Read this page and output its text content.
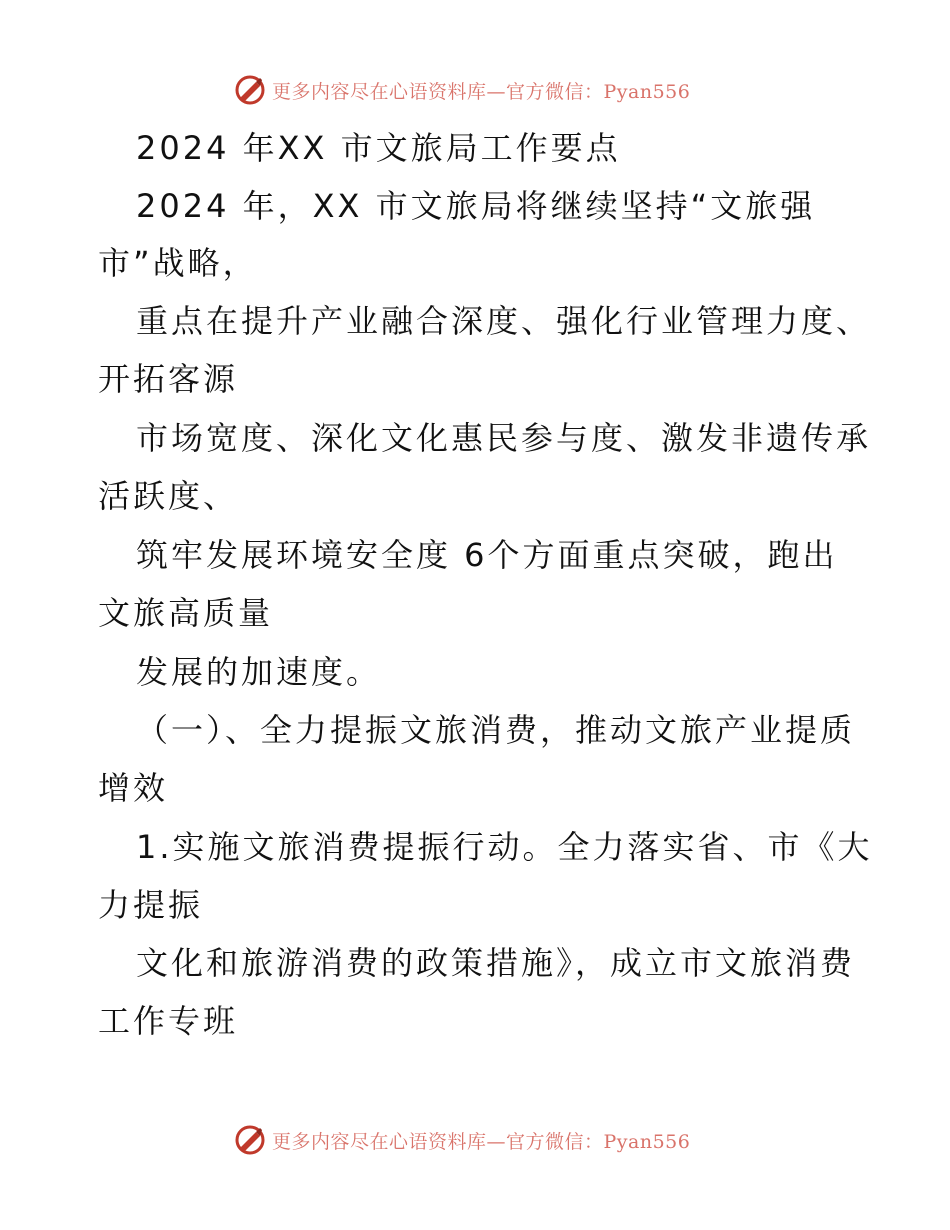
更多内容尽在心语资料库—官方微信：Pyan556
2024 年XX 市文旅局工作要点
2024 年，XX 市文旅局将继续坚持“文旅强
市”战略，
重点在提升产业融合深度、强化行业管理力度、
开拓客源
市场宽度、深化文化惠民参与度、激发非遗传承
活跃度、
筑牢发展环境安全度 6个方面重点突破，跑出
文旅高质量
发展的加速度。
（一）、全力提振文旅消费，推动文旅产业提质
增效
1.实施文旅消费提振行动。全力落实省、市《大
力提振
文化和旅游消费的政策措施》，成立市文旅消费
工作专班
更多内容尽在心语资料库—官方微信：Pyan556
